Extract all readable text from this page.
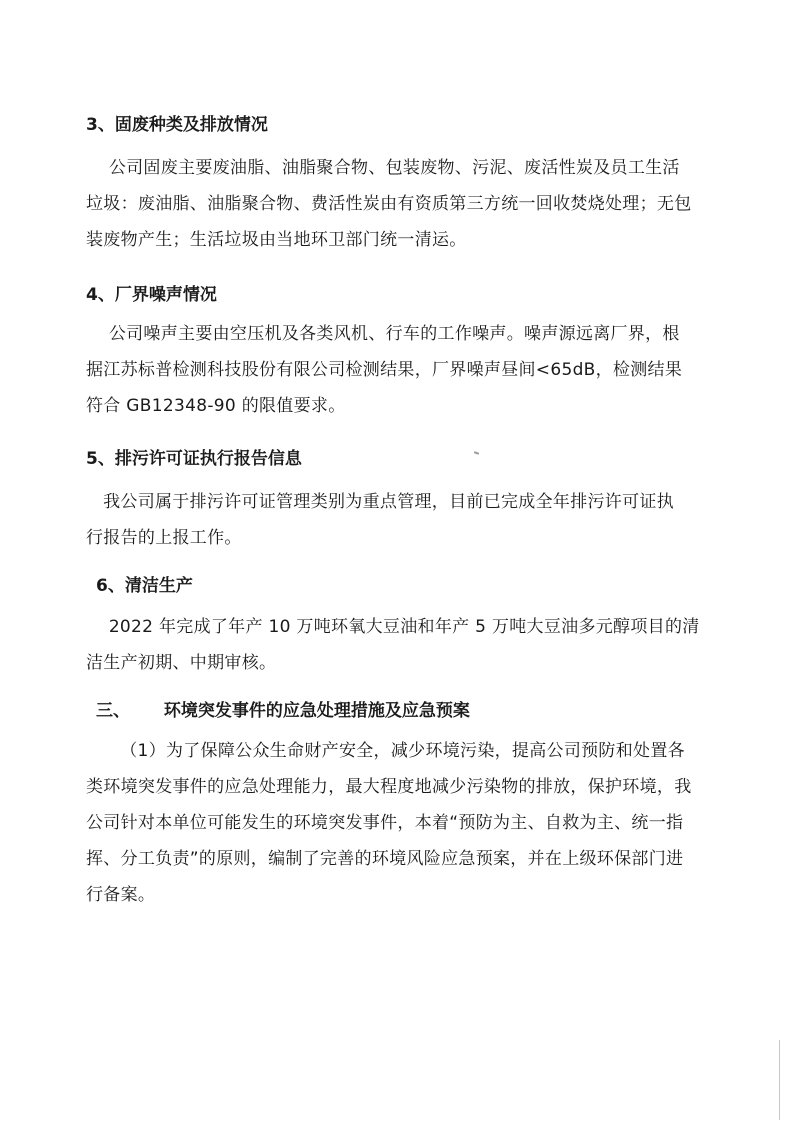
3、固废种类及排放情况
公司固废主要废油脂、油脂聚合物、包装废物、污泥、废活性炭及员工生活
垃圾：废油脂、油脂聚合物、费活性炭由有资质第三方统一回收焚烧处理；无包
装废物产生；生活垃圾由当地环卫部门统一清运。
4、厂界噪声情况
公司噪声主要由空压机及各类风机、行车的工作噪声。噪声源远离厂界，根
据江苏标普检测科技股份有限公司检测结果，厂界噪声昼间<65dB，检测结果
符合 GB12348-90 的限值要求。
5、排污许可证执行报告信息
我公司属于排污许可证管理类别为重点管理，目前已完成全年排污许可证执
行报告的上报工作。
6、清洁生产
2022 年完成了年产 10 万吨环氧大豆油和年产 5 万吨大豆油多元醇项目的清
洁生产初期、中期审核。
三、 环境突发事件的应急处理措施及应急预案
（1）为了保障公众生命财产安全，减少环境污染，提高公司预防和处置各
类环境突发事件的应急处理能力，最大程度地减少污染物的排放，保护环境，我
公司针对本单位可能发生的环境突发事件，本着“预防为主、自救为主、统一指
挥、分工负责”的原则，编制了完善的环境风险应急预案，并在上级环保部门进
行备案。
